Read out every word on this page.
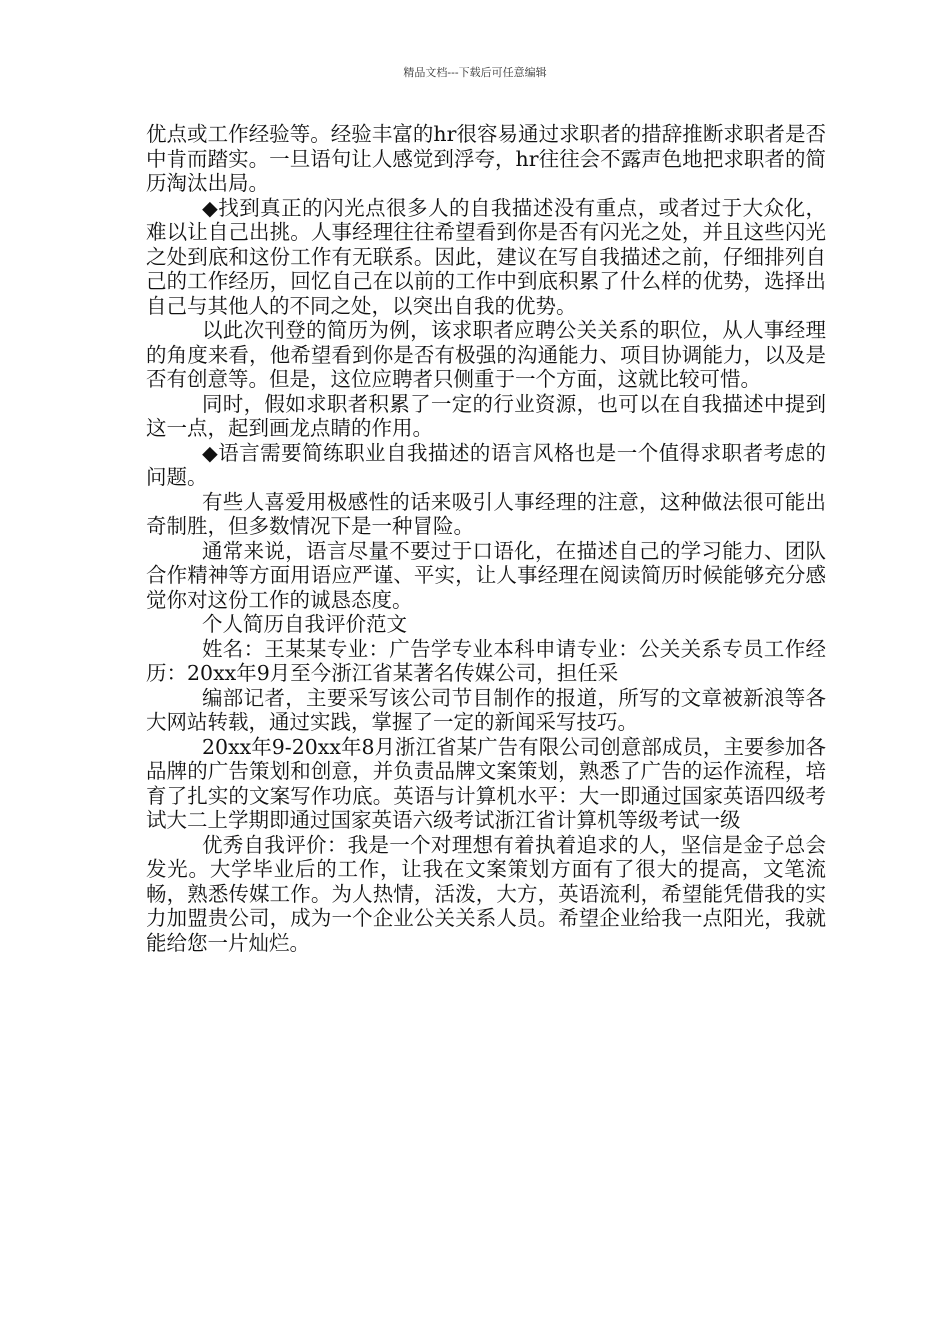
精品文档---下载后可任意编辑

优点或工作经验等。经验丰富的hr很容易通过求职者的措辞推断求职者是否中肯而踏实。一旦语句让人感觉到浮夸，hr往往会不露声色地把求职者的简历淘汰出局。

◆找到真正的闪光点很多人的自我描述没有重点，或者过于大众化，难以让自己出挑。人事经理往往希望看到你是否有闪光之处，并且这些闪光之处到底和这份工作有无联系。因此，建议在写自我描述之前，仔细排列自己的工作经历，回忆自己在以前的工作中到底积累了什么样的优势，选择出自己与其他人的不同之处，以突出自我的优势。

以此次刊登的简历为例，该求职者应聘公关关系的职位，从人事经理的角度来看，他希望看到你是否有极强的沟通能力、项目协调能力，以及是否有创意等。但是，这位应聘者只侧重于一个方面，这就比较可惜。

同时，假如求职者积累了一定的行业资源，也可以在自我描述中提到这一点，起到画龙点睛的作用。

◆语言需要简练职业自我描述的语言风格也是一个值得求职者考虑的问题。

有些人喜爱用极感性的话来吸引人事经理的注意，这种做法很可能出奇制胜，但多数情况下是一种冒险。

通常来说，语言尽量不要过于口语化，在描述自己的学习能力、团队合作精神等方面用语应严谨、平实，让人事经理在阅读简历时候能够充分感觉你对这份工作的诚恳态度。

个人简历自我评价范文

姓名：王某某专业：广告学专业本科申请专业：公关关系专员工作经历：20xx年9月至今浙江省某著名传媒公司，担任采

编部记者，主要采写该公司节目制作的报道，所写的文章被新浪等各大网站转载，通过实践，掌握了一定的新闻采写技巧。

20xx年9-20xx年8月浙江省某广告有限公司创意部成员，主要参加各品牌的广告策划和创意，并负责品牌文案策划，熟悉了广告的运作流程，培育了扎实的文案写作功底。英语与计算机水平：大一即通过国家英语四级考试大二上学期即通过国家英语六级考试浙江省计算机等级考试一级

优秀自我评价：我是一个对理想有着执着追求的人，坚信是金子总会发光。大学毕业后的工作，让我在文案策划方面有了很大的提高，文笔流畅，熟悉传媒工作。为人热情，活泼，大方，英语流利，希望能凭借我的实力加盟贵公司，成为一个企业公关关系人员。希望企业给我一点阳光，我就能给您一片灿烂。
